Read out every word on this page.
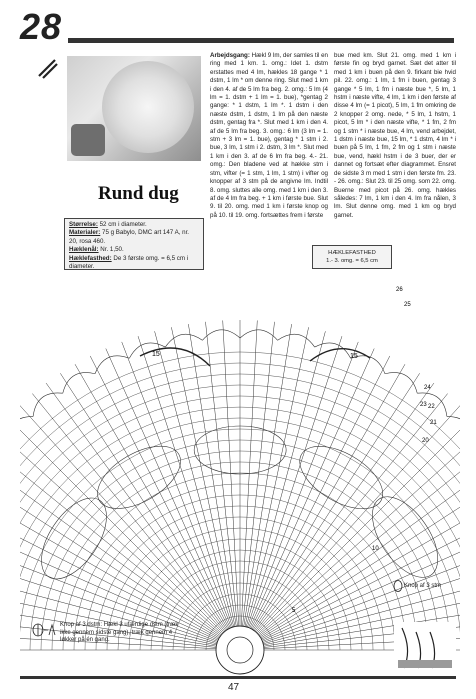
28
Rund dug
Størrelse: 52 cm i diameter.
Materialer: 75 g Babylo, DMC art 147 A, nr. 20, rosa 460.
Hæklenål: Nr. 1,50.
Hæklefasthed: De 3 første omg. = 6,5 cm i diameter.
Arbejdsgang: Hækl 9 lm, der samles til en ring med 1 km. 1. omg.: Idet 1. dstm erstattes med 4 lm, hækles 18 gange * 1 dstm, 1 lm * om denne ring. Slut med 1 km i den 4. af de 5 lm fra beg. 2. omg.: 5 lm (4 lm = 1. dstm + 1 lm = 1. bue), *gentag 2 gange: * 1 dstm, 1 lm *. 1 dstm i den næste dstm, 1 dstm, 1 lm på den næste dstm, gentag fra *. Slut med 1 km i den 4. af de 5 lm fra beg. 3. omg.: 6 lm (3 lm = 1. stm + 3 lm = 1. bue), gentag * 1 stm i 2. bue, 3 lm, 1 stm i 2. dstm, 3 lm *. Slut med 1 km i den 3. af de 6 lm fra beg. 4.- 21. omg.: Den bladene ved at hække stm i stm, vifter (= 1 stm, 1 lm, 1 stm) i vifter og knopper af 3 stm på de angivne lm. Indtil 8. omg. sluttes alle omg. med 1 km i den 3. af de 4 lm fra beg. + 1 km i første bue. Slut 9. til 20. omg. med 1 km i første knop og på 10. til 19. omg. fortsættes frem i første
bue med km. Slut 21. omg. med 1 km i første fin og bryd garnet. Sæt det atter til med 1 km i buen på den 9. firkant bie hvid pil. 22. omg.: 1 lm, 1 fm i buen, gentag 3 gange * 5 lm, 1 fm i næste bue *, 5 lm, 1 hstm i næste vifte, 4 lm, 1 km i den første af disse 4 lm (= 1 picot), 5 lm, 1 fm omkring de 2 knopper 2 omg. nede, * 5 lm, 1 hstm, 1 picot, 5 lm * i den næste vifte, * 1 fm, 2 fm og 1 stm * i næste bue, 4 lm, vend arbejdet, 1 dstm i næste bue, 15 lm, * 1 dstm, 4 lm * i buen på 5 lm, 1 fm, 2 fm og 1 stm i næste bue, vend, hækl hstm i de 3 buer, der er dannet og fortsæt efter diagrammet. Ensret de sidste 3 m med 1 stm i den første fm. 23. - 26. omg.: Slut 23. til 25 omg. som 22. omg. Buerne med picot på 26. omg. hækles således: 7 lm, 1 km i den 4. lm fra nålen, 3 lm. Slut denne omg. med 1 km og bryd garnet.
HÆKLEFASTHED
1.- 3. omg. = 6,5 cm
15	15
26
25
24
23 22
21
20
10
5
Knop af 3 dstm: Hækl 3 ufærdige dstm (træk ikke gennem sidste gang), træk gennem 4 løkker på én gang.
Knop af 3 stm
47
